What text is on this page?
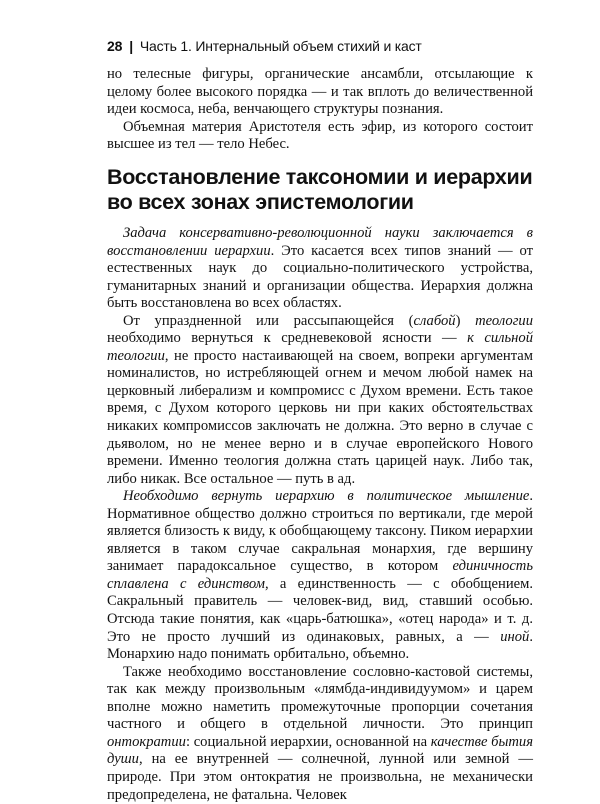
28 | Часть 1. Интернальный объем стихий и каст

но телесные фигуры, органические ансамбли, отсылающие к целому более высокого порядка — и так вплоть до величественной идеи космоса, неба, венчающего структуры познания.

Объемная материя Аристотеля есть эфир, из которого состоит высшее из тел — тело Небес.

Восстановление таксономии и иерархии во всех зонах эпистемологии

Задача консервативно-революционной науки заключается в восстановлении иерархии. Это касается всех типов знаний — от естественных наук до социально-политического устройства, гуманитарных знаний и организации общества. Иерархия должна быть восстановлена во всех областях.

От упраздненной или рассыпающейся (слабой) теологии необходимо вернуться к средневековой ясности — к сильной теологии, не просто настаивающей на своем, вопреки аргументам номиналистов, но истребляющей огнем и мечом любой намек на церковный либерализм и компромисс с Духом времени. Есть такое время, с Духом которого церковь ни при каких обстоятельствах никаких компромиссов заключать не должна. Это верно в случае с дьяволом, но не менее верно и в случае европейского Нового времени. Именно теология должна стать царицей наук. Либо так, либо никак. Все остальное — путь в ад.

Необходимо вернуть иерархию в политическое мышление. Нормативное общество должно строиться по вертикали, где мерой является близость к виду, к обобщающему таксону. Пиком иерархии является в таком случае сакральная монархия, где вершину занимает парадоксальное существо, в котором единичность сплавлена с единством, а единственность — с обобщением. Сакральный правитель — человек-вид, вид, ставший особью. Отсюда такие понятия, как «царь-батюшка», «отец народа» и т. д. Это не просто лучший из одинаковых, равных, а — иной. Монархию надо понимать орбитально, объемно.

Также необходимо восстановление сословно-кастовой системы, так как между произвольным «лямбда-индивидуумом» и царем вполне можно наметить промежуточные пропорции сочетания частного и общего в отдельной личности. Это принцип онтократии: социальной иерархии, основанной на качестве бытия души, на ее внутренней — солнечной, лунной или земной — природе. При этом онтократия не произвольна, не механически предопределена, не фатальна. Человек
